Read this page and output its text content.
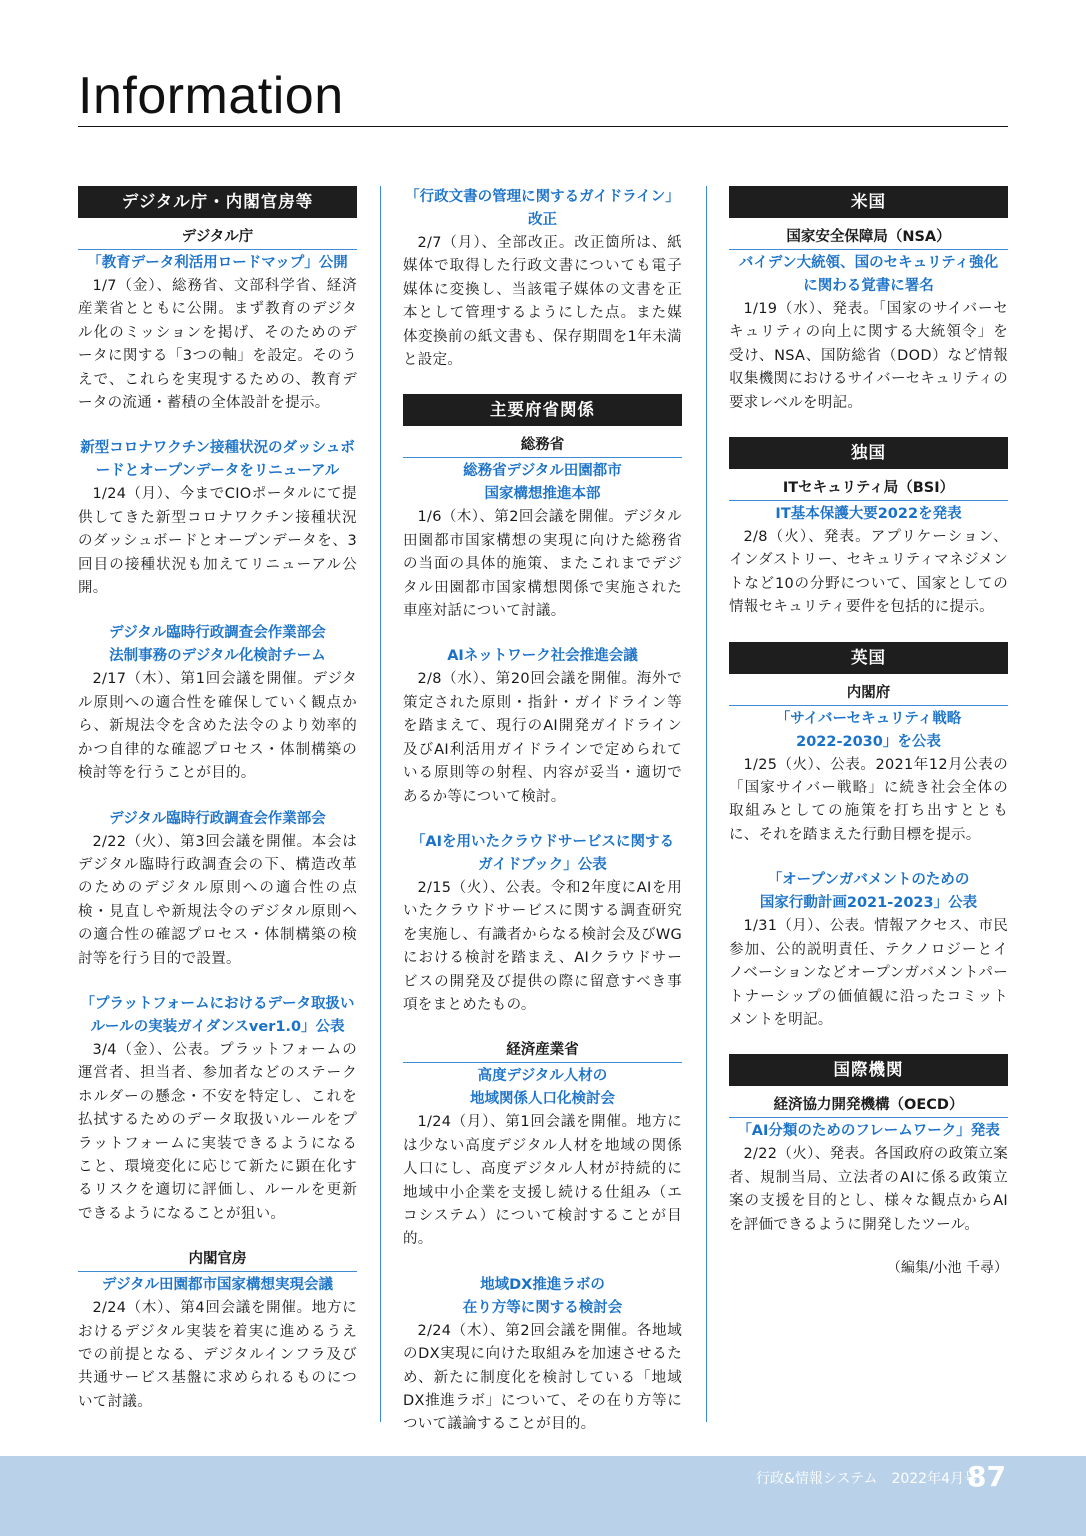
Information
デジタル庁・内閣官房等
デジタル庁
「教育データ利活用ロードマップ」公開
1/7（金）、総務省、文部科学省、経済産業省とともに公開。まず教育のデジタル化のミッションを掲げ、そのためのデータに関する「3つの軸」を設定。そのうえで、これらを実現するための、教育データの流通・蓄積の全体設計を提示。
新型コロナワクチン接種状況のダッシュボードとオープンデータをリニューアル
1/24（月）、今までCIOポータルにて提供してきた新型コロナワクチン接種状況のダッシュボードとオープンデータを、3回目の接種状況も加えてリニューアル公開。
デジタル臨時行政調査会作業部会
法制事務のデジタル化検討チーム
2/17（木）、第1回会議を開催。デジタル原則への適合性を確保していく観点から、新規法令を含めた法令のより効率的かつ自律的な確認プロセス・体制構築の検討等を行うことが目的。
デジタル臨時行政調査会作業部会
2/22（火）、第3回会議を開催。本会はデジタル臨時行政調査会の下、構造改革のためのデジタル原則への適合性の点検・見直しや新規法令のデジタル原則への適合性の確認プロセス・体制構築の検討等を行う目的で設置。
「プラットフォームにおけるデータ取扱い
ルールの実装ガイダンスver1.0」公表
3/4（金）、公表。プラットフォームの運営者、担当者、参加者などのステークホルダーの懸念・不安を特定し、これを払拭するためのデータ取扱いルールをプラットフォームに実装できるようになること、環境変化に応じて新たに顕在化するリスクを適切に評価し、ルールを更新できるようになることが狙い。
内閣官房
デジタル田園都市国家構想実現会議
2/24（木）、第4回会議を開催。地方におけるデジタル実装を着実に進めるうえでの前提となる、デジタルインフラ及び共通サービス基盤に求められるものについて討議。
「行政文書の管理に関するガイドライン」
改正
2/7（月）、全部改正。改正箇所は、紙媒体で取得した行政文書についても電子媒体に変換し、当該電子媒体の文書を正本として管理するようにした点。また媒体変換前の紙文書も、保存期間を1年未満と設定。
主要府省関係
総務省
総務省デジタル田園都市
国家構想推進本部
1/6（木）、第2回会議を開催。デジタル田園都市国家構想の実現に向けた総務省の当面の具体的施策、またこれまでデジタル田園都市国家構想関係で実施された車座対話について討議。
AIネットワーク社会推進会議
2/8（水）、第20回会議を開催。海外で策定された原則・指針・ガイドライン等を踏まえて、現行のAI開発ガイドライン及びAI利活用ガイドラインで定められている原則等の射程、内容が妥当・適切であるか等について検討。
「AIを用いたクラウドサービスに関する
ガイドブック」公表
2/15（火）、公表。令和2年度にAIを用いたクラウドサービスに関する調査研究を実施し、有識者からなる検討会及びWGにおける検討を踏まえ、AIクラウドサービスの開発及び提供の際に留意すべき事項をまとめたもの。
経済産業省
高度デジタル人材の
地域関係人口化検討会
1/24（月）、第1回会議を開催。地方には少ない高度デジタル人材を地域の関係人口にし、高度デジタル人材が持続的に地域中小企業を支援し続ける仕組み（エコシステム）について検討することが目的。
地域DX推進ラボの
在り方等に関する検討会
2/24（木）、第2回会議を開催。各地域のDX実現に向けた取組みを加速させるため、新たに制度化を検討している「地域DX推進ラボ」について、その在り方等について議論することが目的。
米国
国家安全保障局（NSA）
バイデン大統領、国のセキュリティ強化
に関わる覚書に署名
1/19（水）、発表。「国家のサイバーセキュリティの向上に関する大統領令」を受け、NSA、国防総省（DOD）など情報収集機関におけるサイバーセキュリティの要求レベルを明記。
独国
ITセキュリティ局（BSI）
IT基本保護大要2022を発表
2/8（火）、発表。アプリケーション、インダストリー、セキュリティマネジメントなど10の分野について、国家としての情報セキュリティ要件を包括的に提示。
英国
内閣府
「サイバーセキュリティ戦略
2022-2030」を公表
1/25（火）、公表。2021年12月公表の「国家サイバー戦略」に続き社会全体の取組みとしての施策を打ち出すとともに、それを踏まえた行動目標を提示。
「オープンガバメントのための
国家行動計画2021-2023」公表
1/31（月）、公表。情報アクセス、市民参加、公的説明責任、テクノロジーとイノベーションなどオープンガバメントパートナーシップの価値観に沿ったコミットメントを明記。
国際機関
経済協力開発機構（OECD）
「AI分類のためのフレームワーク」発表
2/22（火）、発表。各国政府の政策立案者、規制当局、立法者のAIに係る政策立案の支援を目的とし、様々な観点からAIを評価できるように開発したツール。
（編集/小池 千尋）
行政&情報システム　2022年4月号
87
